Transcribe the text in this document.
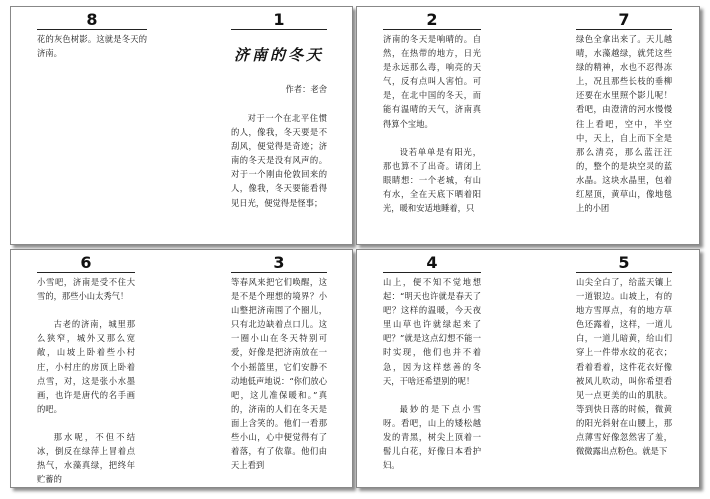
8

花的灰色树影。这就是冬天的济南。

1
济南的冬天
作者：老舍

对于一个在北平住惯的人，像我，冬天要是不刮风，便觉得是奇迹；济南的冬天是没有风声的。对于一个刚由伦敦回来的人，像我，冬天要能看得见日光，便觉得是怪事；

2

济南的冬天是响晴的。自然，在热带的地方，日光是永远那么毒，响亮的天气，反有点叫人害怕。可是，在北中国的冬天，而能有温晴的天气，济南真得算个宝地。

设若单单是有阳光，那也算不了出奇。请闭上眼睛想：一个老城，有山有水，全在天底下晒着阳光，暖和安适地睡着，只

7

绿色全拿出来了。天儿越晴，水藻越绿，就凭这些绿的精神，水也不忍得冻上，况且那些长枝的垂柳还要在水里照个影儿呢！看吧，由澄清的河水慢慢往上看吧，空中，半空中，天上，自上而下全是那么清亮，那么蓝汪汪的，整个的是块空灵的蓝水晶。这块水晶里，包着红屋顶，黄草山，像地毯上的小团

6

小雪吧，济南是受不住大雪的，那些小山太秀气！

古老的济南，城里那么狭窄，城外又那么宽敞，山坡上卧着些小村庄，小村庄的房顶上卧着点雪，对，这是张小水墨画，也许是唐代的名手画的吧。

那水呢，不但不结冰，倒反在绿萍上冒着点热气，水藻真绿，把终年贮蓄的

3

等春风来把它们唤醒，这是不是个理想的境界？小山整把济南围了个圈儿，只有北边缺着点口儿。这一圈小山在冬天特别可爱，好像是把济南放在一个小摇篮里，它们安静不动地低声地说：“你们放心吧，这儿准保暖和。”真的，济南的人们在冬天是面上含笑的。他们一看那些小山，心中便觉得有了着落，有了依靠。他们由天上看到

4

山上，便不知不觉地想起：“明天也许就是春天了吧？这样的温暖，今天夜里山草也许就绿起来了吧？”就是这点幻想不能一时实现，他们也并不着急，因为这样慈善的冬天，干啥还希望别的呢！

最妙的是下点小雪呀。看吧，山上的矮松越发的青黑，树尖上顶着一髻儿白花，好像日本看护妇。

5

山尖全白了，给蓝天镶上一道银边。山坡上，有的地方雪厚点，有的地方草色还露着，这样，一道儿白，一道儿暗黄，给山们穿上一件带水纹的花衣；看着看着，这件花衣好像被风儿吹动，叫你希望看见一点更美的山的肌肤。等到快日落的时候，微黄的阳光斜射在山腰上，那点薄雪好像忽然害了羞，微微露出点粉色。就是下
